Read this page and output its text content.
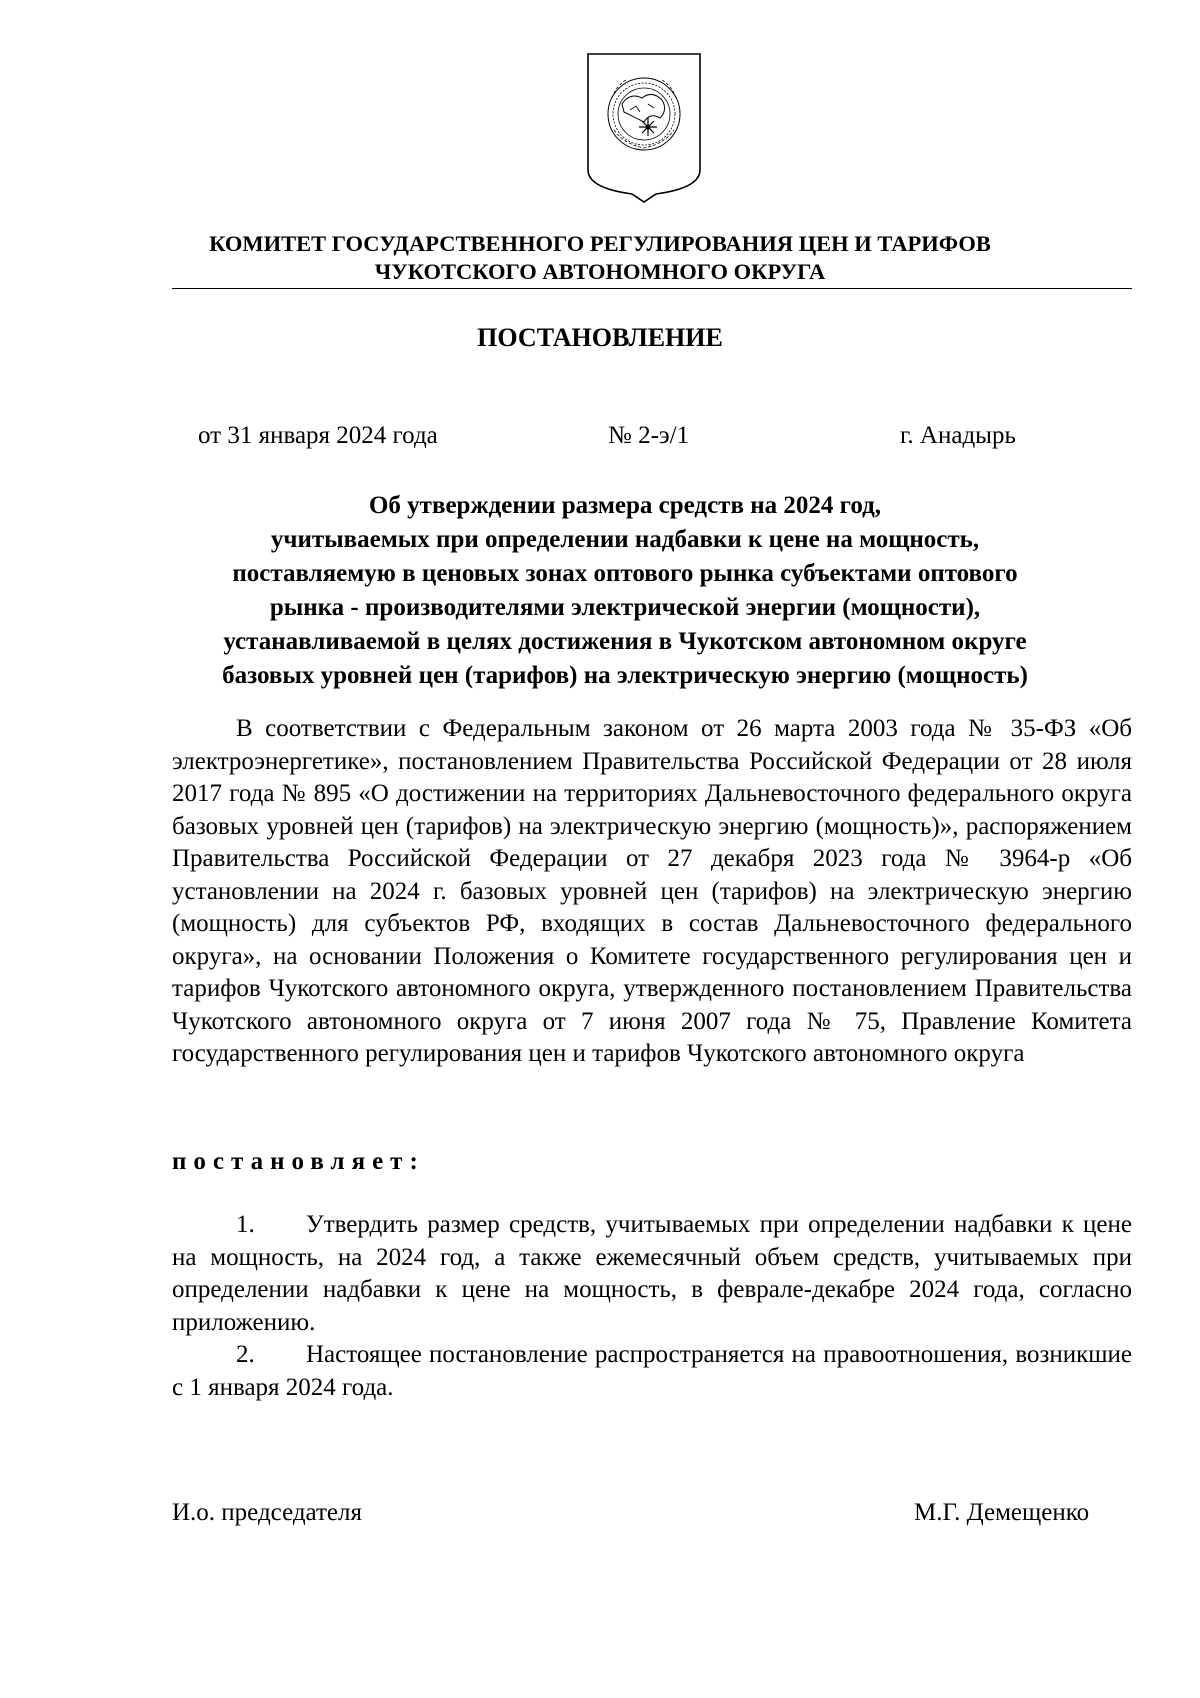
КОМИТЕТ ГОСУДАРСТВЕННОГО РЕГУЛИРОВАНИЯ ЦЕН И ТАРИФОВ
ЧУКОТСКОГО АВТОНОМНОГО ОКРУГА
ПОСТАНОВЛЕНИЕ
от 31 января 2024 года	№ 2-э/1	г. Анадырь
Об утверждении размера средств на 2024 год,
учитываемых при определении надбавки к цене на мощность,
поставляемую в ценовых зонах оптового рынка субъектами оптового
рынка - производителями электрической энергии (мощности),
устанавливаемой в целях достижения в Чукотском автономном округе
базовых уровней цен (тарифов) на электрическую энергию (мощность)

В соответствии с Федеральным законом от 26 марта 2003 года № 35-ФЗ «Об электроэнергетике», постановлением Правительства Российской Федерации от 28 июля 2017 года № 895 «О достижении на территориях Дальневосточного федерального округа базовых уровней цен (тарифов) на электрическую энергию (мощность)», распоряжением Правительства Российской Федерации от 27 декабря 2023 года № 3964-р «Об установлении на 2024 г. базовых уровней цен (тарифов) на электрическую энергию (мощность) для субъектов РФ, входящих в состав Дальневосточного федерального округа», на основании Положения о Комитете государственного регулирования цен и тарифов Чукотского автономного округа, утвержденного постановлением Правительства Чукотского автономного округа от 7 июня 2007 года № 75, Правление Комитета государственного регулирования цен и тарифов Чукотского автономного округа

постановляет:

1. Утвердить размер средств, учитываемых при определении надбавки к цене на мощность, на 2024 год, а также ежемесячный объем средств, учитываемых при определении надбавки к цене на мощность, в феврале-декабре 2024 года, согласно приложению.

2. Настоящее постановление распространяется на правоотношения, возникшие с 1 января 2024 года.

И.о. председателя	М.Г. Демещенко
